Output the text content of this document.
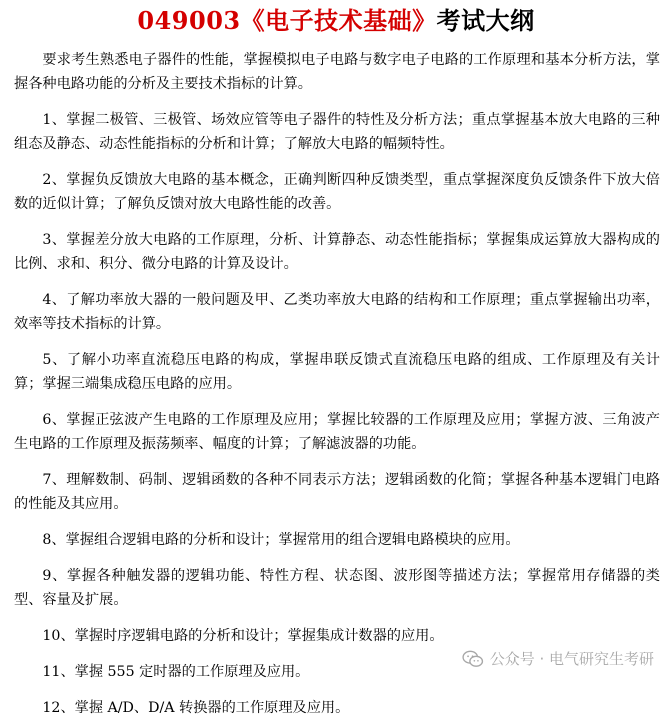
049003《电子技术基础》考试大纲

要求考生熟悉电子器件的性能，掌握模拟电子电路与数字电子电路的工作原理和基本分析方法，掌握各种电路功能的分析及主要技术指标的计算。

1、掌握二极管、三极管、场效应管等电子器件的特性及分析方法；重点掌握基本放大电路的三种组态及静态、动态性能指标的分析和计算；了解放大电路的幅频特性。

2、掌握负反馈放大电路的基本概念，正确判断四种反馈类型，重点掌握深度负反馈条件下放大倍数的近似计算；了解负反馈对放大电路性能的改善。

3、掌握差分放大电路的工作原理，分析、计算静态、动态性能指标；掌握集成运算放大器构成的比例、求和、积分、微分电路的计算及设计。

4、了解功率放大器的一般问题及甲、乙类功率放大电路的结构和工作原理；重点掌握输出功率，效率等技术指标的计算。

5、了解小功率直流稳压电路的构成，掌握串联反馈式直流稳压电路的组成、工作原理及有关计算；掌握三端集成稳压电路的应用。

6、掌握正弦波产生电路的工作原理及应用；掌握比较器的工作原理及应用；掌握方波、三角波产生电路的工作原理及振荡频率、幅度的计算；了解滤波器的功能。

7、理解数制、码制、逻辑函数的各种不同表示方法；逻辑函数的化简；掌握各种基本逻辑门电路的性能及其应用。

8、掌握组合逻辑电路的分析和设计；掌握常用的组合逻辑电路模块的应用。

9、掌握各种触发器的逻辑功能、特性方程、状态图、波形图等描述方法；掌握常用存储器的类型、容量及扩展。

10、掌握时序逻辑电路的分析和设计；掌握集成计数器的应用。

11、掌握 555 定时器的工作原理及应用。

12、掌握 A/D、D/A 转换器的工作原理及应用。

公众号 · 电气研究生考研
